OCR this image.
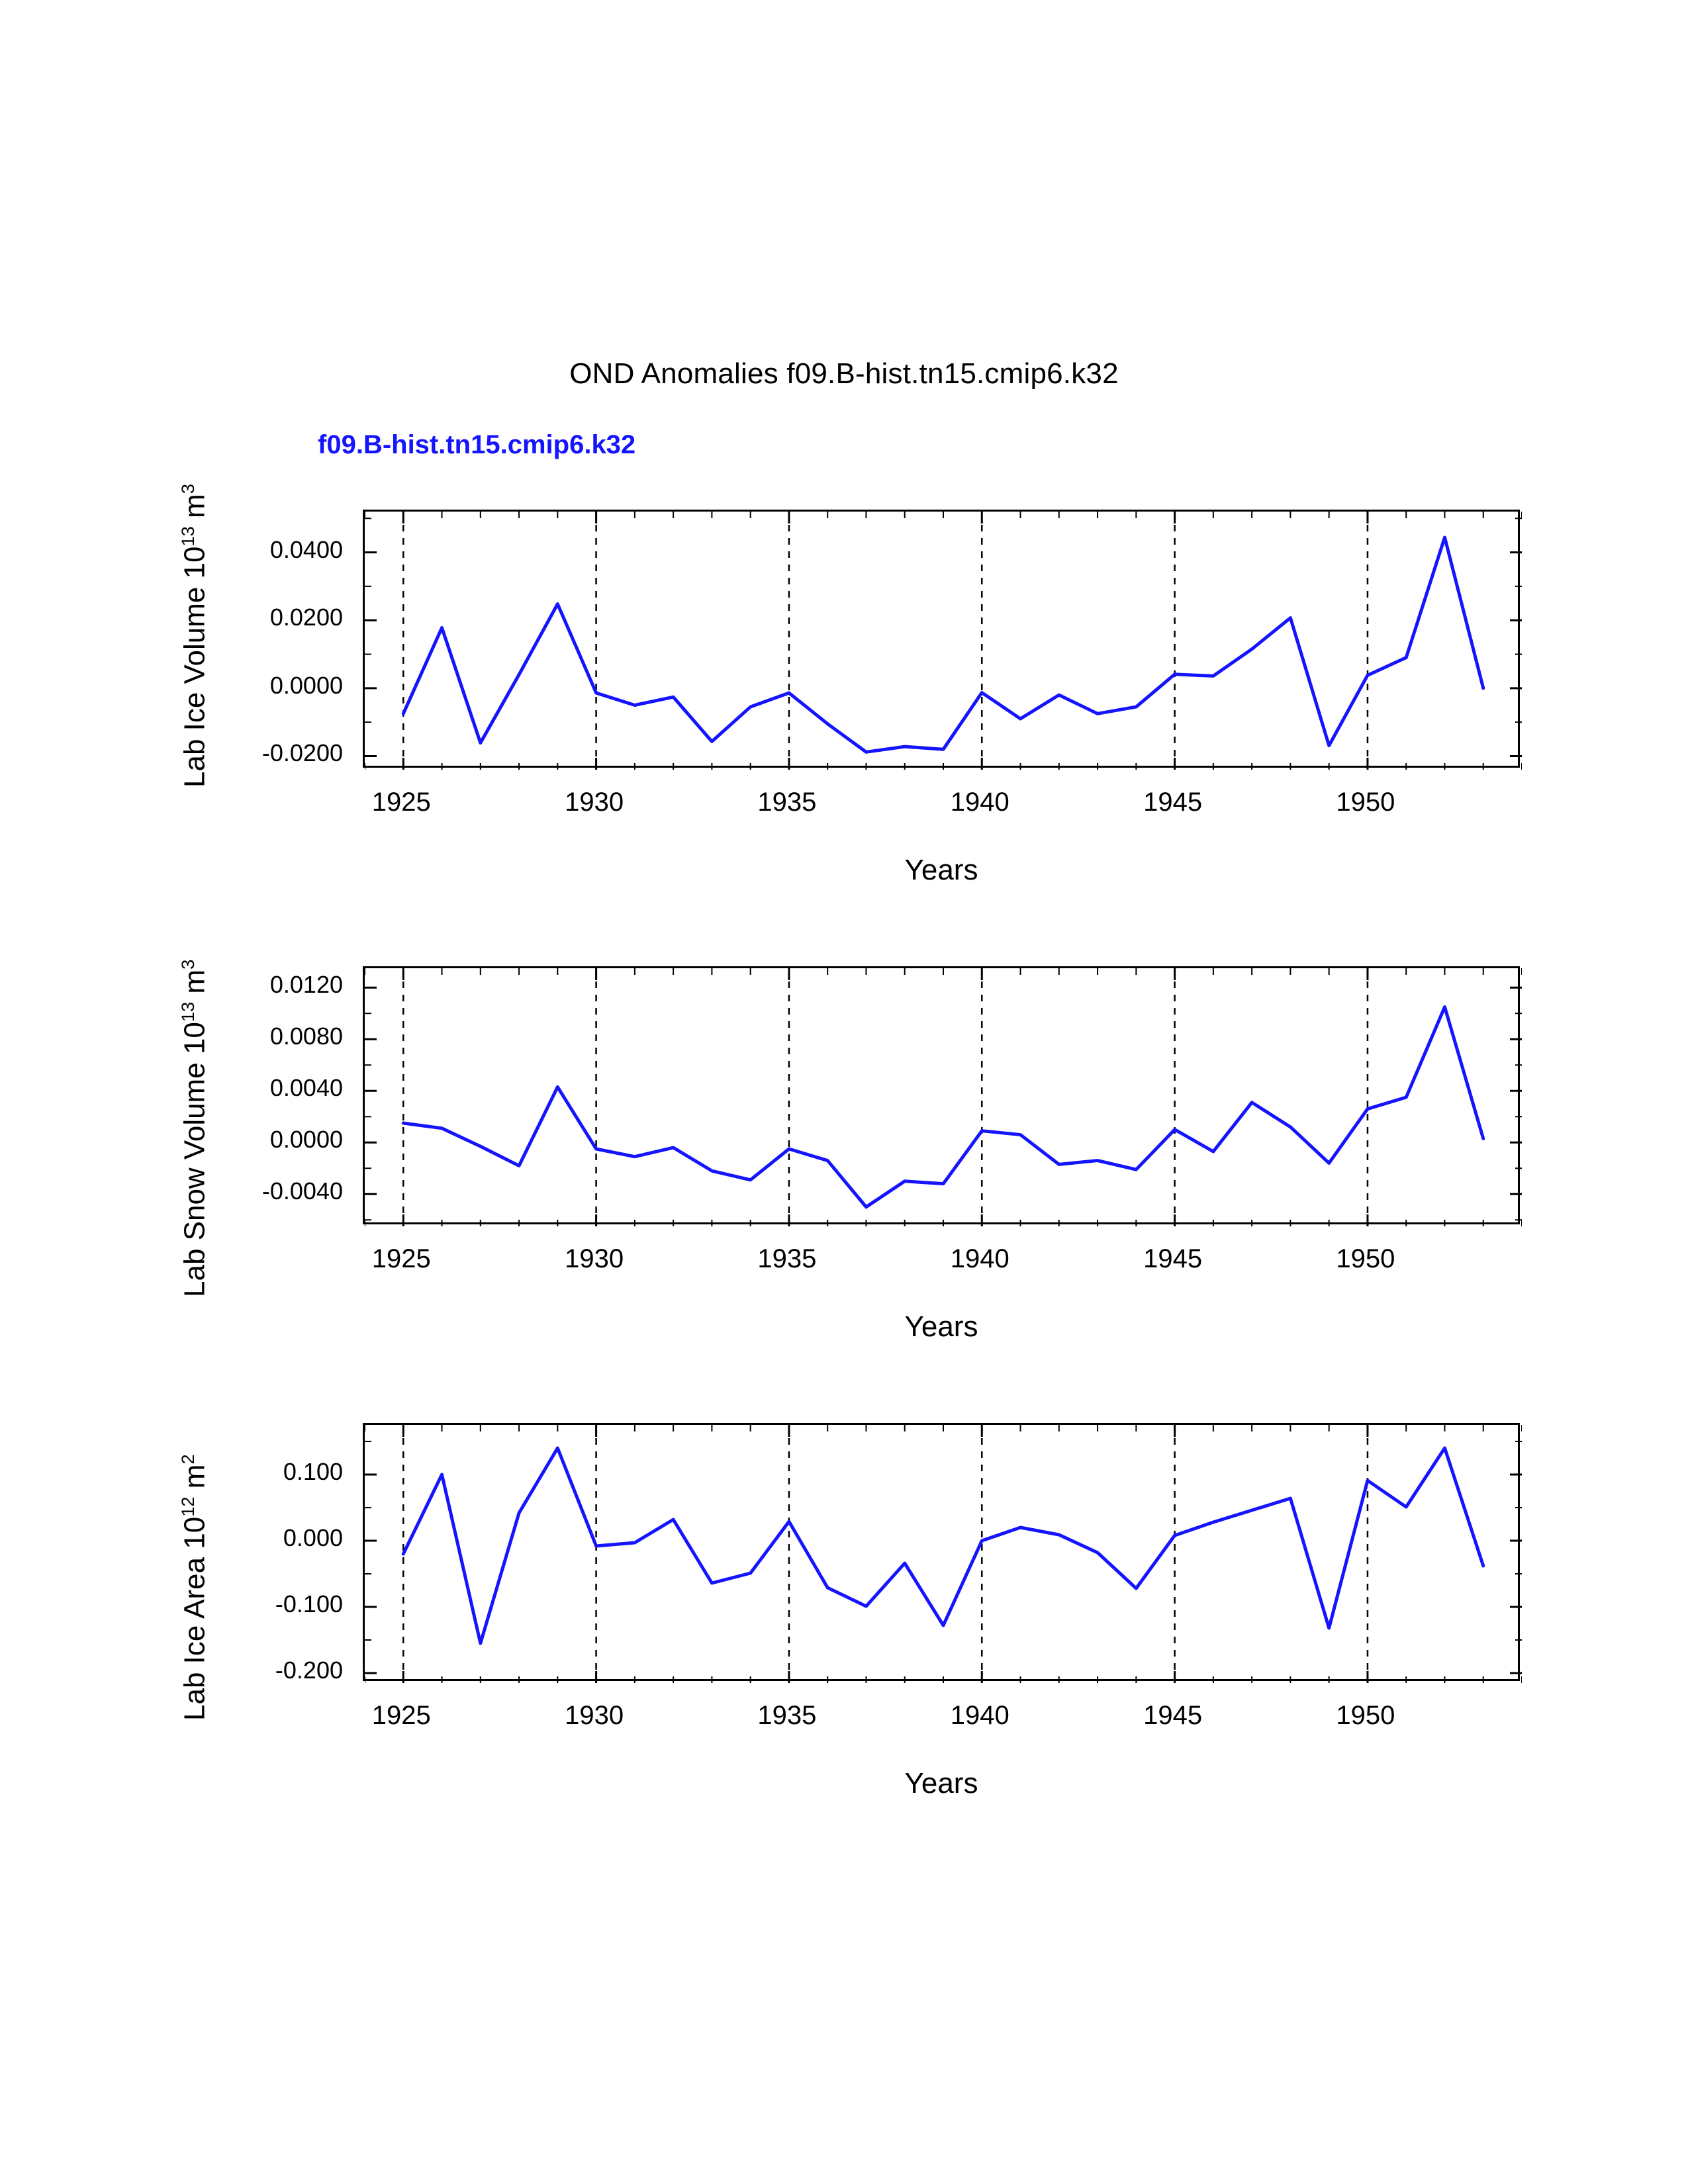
OND Anomalies f09.B-hist.tn15.cmip6.k32
f09.B-hist.tn15.cmip6.k32
Lab Ice Volume $10^{13}$ $m^3$
Years
Lab Snow Volume $10^{13}$ $m^3$
Years
Lab Ice Area $10^{12}$ $m^2$
Years
-0.0200
0.0000
0.0200
0.0400
1925	1930	1935	1940	1945	1950
-0.0040
0.0000
0.0040
0.0080
0.0120
1925	1930	1935	1940	1945	1950
-0.200
-0.100
0.000
0.100
1925	1930	1935	1940	1945	1950
